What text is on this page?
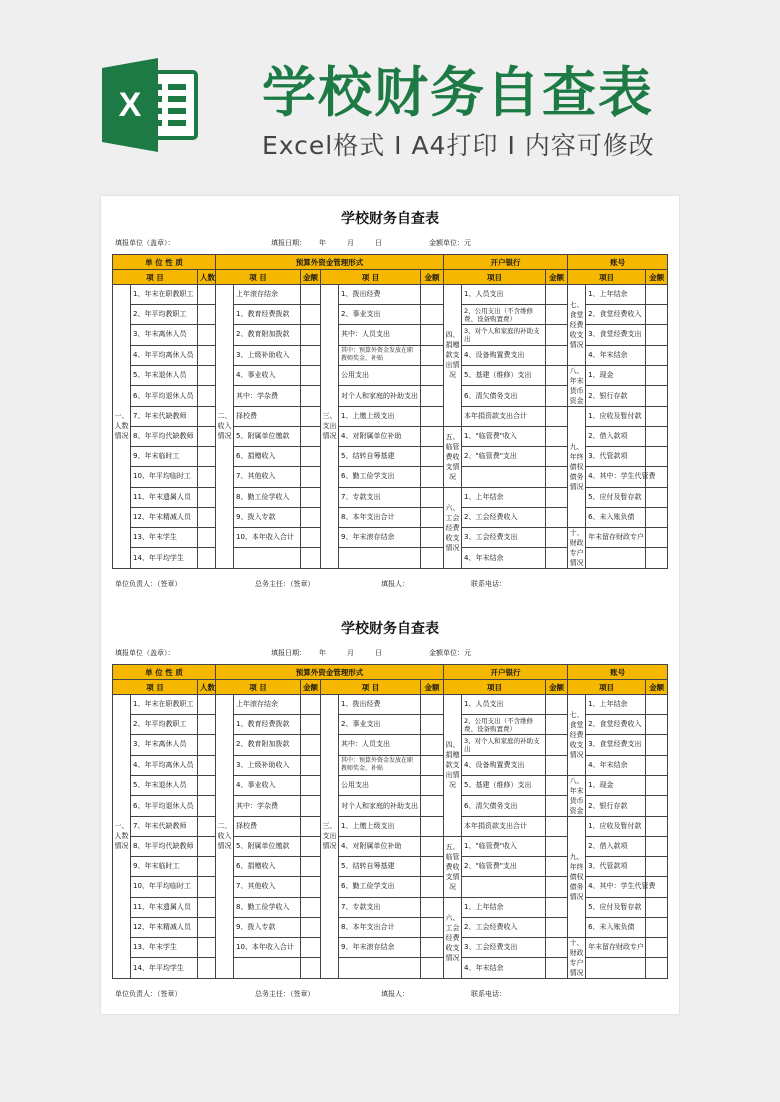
X 学校财务自查表
Excel格式 I A4打印 I 内容可修改
学校财务自查表
填报单位（盖章）：	填报日期： 年	月	日	金额单位：元
单 位 性 质			预算外资金管理形式						开户银行			账号		
项 目		人数	项 目		金额	项 目		金额	项目		金额	项目		金额
一、人数情况	1、年末在职教职工		二、收入情况	上年滚存结余		三、支出情况	1、拨出经费		四、捐赠款支出情况	1、人员支出		七、食堂经费收支情况	1、上年结余	
	2、年平均教职工			1、教育经费拨款			2、事业支出			2、公用支出（不含维修费、设备购置费）			2、食堂经费收入	
	3、年末离休人员			2、教育附加拨款			其中：人员支出			3、对个人和家庭的补助支出			3、食堂经费支出	
	4、年平均离休人员			3、上级补助收入			其中：预算外资金发放在职教师奖金、补贴			4、设备购置费支出			4、年末结余	
	5、年末退休人员			4、事业收入			公用支出			5、基建（维修）支出		八、年末货币资金	1、现金	
	6、年平均退休人员			其中：学杂费			对个人和家庭的补助支出			6、清欠债务支出			2、银行存款	
	7、年末代缺教师			择校费			1、上缴上级支出			本年捐资款支出合计		九、年终债权债务情况	1、应收及暂付款	
	8、年平均代缺教师			5、附属单位缴款			4、对附属单位补助		五、临管费收支情况	1、"临管费"收入			2、借入款项	
	9、年末临时工			6、捐赠收入			5、结转自筹基建			2、"临管费"支出			3、代管款项	
	10、年平均临时工			7、其他收入			6、勤工俭学支出						4、其中：学生代管费	
	11、年末遗属人员			8、勤工俭学收入			7、专款支出		六、工会经费收支情况	1、上年结余			5、应付及暂存款	
	12、年末精减人员			9、拨入专款			8、本年支出合计			2、工会经费收入			6、未入账负债	
	13、年末学生			10、本年收入合计			9、年末滚存结余			3、工会经费支出		十、财政专户情况	年末留存财政专户	
	14、年平均学生									4、年末结余				
单位负责人：（签章）	总务主任：（签章）	填报人：	联系电话：
学校财务自查表
填报单位（盖章）：	填报日期： 年	月	日	金额单位：元
单 位 性 质			预算外资金管理形式						开户银行			账号		
项 目		人数	项 目		金额	项 目		金额	项目		金额	项目		金额
一、人数情况	1、年末在职教职工		二、收入情况	上年滚存结余		三、支出情况	1、拨出经费		四、捐赠款支出情况	1、人员支出		七、食堂经费收支情况	1、上年结余	
	2、年平均教职工			1、教育经费拨款			2、事业支出			2、公用支出（不含维修费、设备购置费）			2、食堂经费收入	
	3、年末离休人员			2、教育附加拨款			其中：人员支出			3、对个人和家庭的补助支出			3、食堂经费支出	
	4、年平均离休人员			3、上级补助收入			其中：预算外资金发放在职教师奖金、补贴			4、设备购置费支出			4、年末结余	
	5、年末退休人员			4、事业收入			公用支出			5、基建（维修）支出		八、年末货币资金	1、现金	
	6、年平均退休人员			其中：学杂费			对个人和家庭的补助支出			6、清欠债务支出			2、银行存款	
	7、年末代缺教师			择校费			1、上缴上级支出			本年捐资款支出合计		九、年终债权债务情况	1、应收及暂付款	
	8、年平均代缺教师			5、附属单位缴款			4、对附属单位补助		五、临管费收支情况	1、"临管费"收入			2、借入款项	
	9、年末临时工			6、捐赠收入			5、结转自筹基建			2、"临管费"支出			3、代管款项	
	10、年平均临时工			7、其他收入			6、勤工俭学支出						4、其中：学生代管费	
	11、年末遗属人员			8、勤工俭学收入			7、专款支出		六、工会经费收支情况	1、上年结余			5、应付及暂存款	
	12、年末精减人员			9、拨入专款			8、本年支出合计			2、工会经费收入			6、未入账负债	
	13、年末学生			10、本年收入合计			9、年末滚存结余			3、工会经费支出		十、财政专户情况	年末留存财政专户	
	14、年平均学生									4、年末结余				
单位负责人：（签章）	总务主任：（签章）	填报人：	联系电话：
